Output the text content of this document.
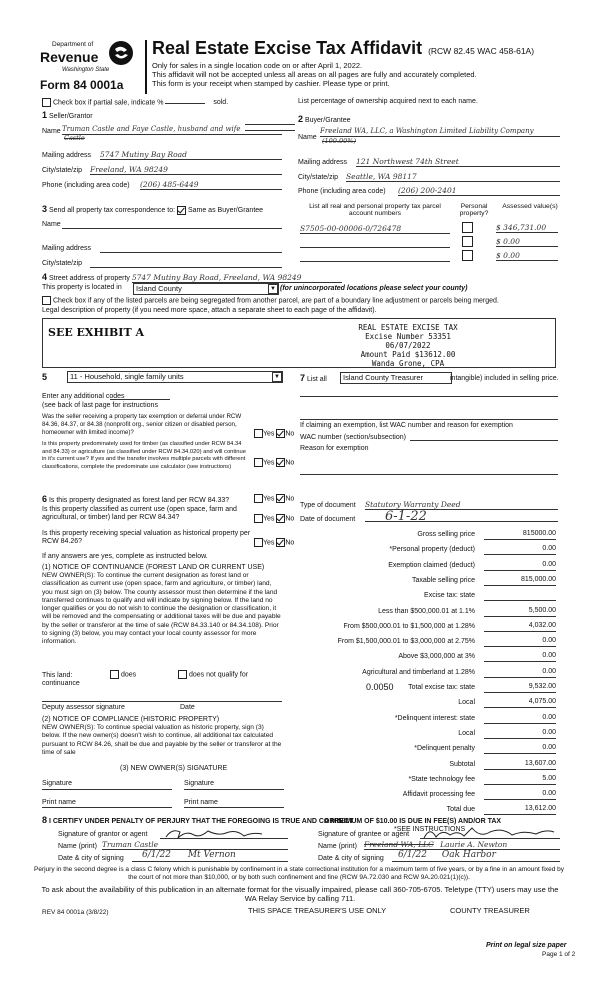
Department of
Revenue
Washington State
Form 84 0001a
Real Estate Excise Tax Affidavit (RCW 82.45 WAC 458-61A)
Only for sales in a single location code on or after April 1, 2022.
This affidavit will not be accepted unless all areas on all pages are fully and accurately completed.
This form is your receipt when stamped by cashier. Please type or print.
Check box if partial sale, indicate %	sold.	List percentage of ownership acquired next to each name.
1 Seller/Grantor
Name Truman Castle and Faye Castle, husband and wife
Castle
Mailing address 5747 Mutiny Bay Road
City/state/zip Freeland, WA 98249
Phone (including area code) (206) 485-6449
2 Buyer/Grantee
Name
Freeland WA, LLC, a Washington Limited Liability Company
(100.00%)
Mailing address 121 Northwest 74th Street
City/state/zip Seattle, WA 98117
Phone (including area code) (206) 200-2401
3 Send all property tax correspondence to: Same as Buyer/Grantee
Name
Mailing address
City/state/zip
List all real and personal property tax parcel account numbers
Personal property?
Assessed value(s)
S7505-00-00006-0/726478	$ 346,731.00
$ 0.00
$ 0.00
4 Street address of property 5747 Mutiny Bay Road, Freeland, WA 98249
This property is located in	Island County	▼ (for unincorporated locations please select your county)
Check box if any of the listed parcels are being segregated from another parcel, are part of a boundary line adjustment or parcels being merged.
Legal description of property (if you need more space, attach a separate sheet to each page of the affidavit).
SEE EXHIBIT A	REAL ESTATE EXCISE TAX
Excise Number 53351
06/07/2022
Amount Paid $13612.00
Wanda Grone, CPA
5	11 - Household, single family units	▼
Enter any additional codes
(see back of last page for instructions
Was the seller receiving a property tax exemption or deferral under RCW 84.36, 84.37, or 84.38 (nonprofit org., senior citizen or disabled person, homeowner with limited income)?	Yes No
Is this property predominately used for timber (as classified under RCW 84.34 and 84.33) or agriculture (as classified under RCW 84.34.020) and will continue in it's current use? If yes and the transfer involves multiple parcels with different classifications, complete the predominate use calculator (see instructions)
Yes No
7 List all	Island County Treasurer	intangible) included in selling price.
If claiming an exemption, list WAC number and reason for exemption
WAC number (section/subsection)
Reason for exemption
6 Is this property designated as forest land per RCW 84.33?	Yes No
Is this property classified as current use (open space, farm and agricultural, or timber) land per RCW 84.34?	Yes No
Is this property receiving special valuation as historical property per RCW 84.26?	Yes No
If any answers are yes, complete as instructed below.
(1) NOTICE OF CONTINUANCE (FOREST LAND OR CURRENT USE)
NEW OWNER(S): To continue the current designation as forest land or classification as current use (open space, farm and agriculture, or timber) land, you must sign on (3) below. The county assessor must then determine if the land transferred continues to qualify and will indicate by signing below. If the land no longer qualifies or you do not wish to continue the designation or classification, it will be removed and the compensating or additional taxes will be due and payable by the seller or transferor at the time of sale (RCW 84.33.140 or 84.34.108). Prior to signing (3) below, you may contact your local county assessor for more information.
This land:	does	does not qualify for
continuance
Deputy assessor signature	Date
(2) NOTICE OF COMPLIANCE (HISTORIC PROPERTY)
NEW OWNER(S): To continue special valuation as historic property, sign (3) below. If the new owner(s) doesn't wish to continue, all additional tax calculated pursuant to RCW 84.26, shall be due and payable by the seller or transferor at the time of sale
(3) NEW OWNER(S) SIGNATURE
Signature	Signature
Print name	Print name
Type of document Statutory Warranty Deed
Date of document	6-1-22
Gross selling price	815000.00
*Personal property (deduct)	0.00
Exemption claimed (deduct)	0.00
Taxable selling price	815,000.00
Excise tax: state
Less than $500,000.01 at 1.1%	5,500.00
From $500,000.01 to $1,500,000 at 1.28%	4,032.00
From $1,500,000.01 to $3,000,000 at 2.75%	0.00
Above $3,000,000 at 3%	0.00
Agricultural and timberland at 1.28%	0.00
Total excise tax: state	9,532.00
Local	4,075.00
*Delinquent interest: state	0.00
Local	0.00
*Delinquent penalty	0.00
Subtotal	13,607.00
*State technology fee	5.00
Affidavit processing fee	0.00
Total due	13,612.00
0.0050
A MINIMUM OF $10.00 IS DUE IN FEE(S) AND/OR TAX
*SEE INSTRUCTIONS
8 I CERTIFY UNDER PENALTY OF PERJURY THAT THE FOREGOING IS TRUE AND CORRECT
Signature of grantor or agent
Name (print) Truman Castle
Date & city of signing	6/1/22 Mt Vernon
Signature of grantee or agent
Name (print) Freeland WA, LLC Laurie A. Newton
Date & city of signing	6/1/22 Oak Harbor
Perjury in the second degree is a class C felony which is punishable by confinement in a state correctional institution for a maximum term of five years, or by a fine in an amount fixed by the court of not more than $10,000, or by both such confinement and fine (RCW 9A.72.030 and RCW 9A.20.021(1)(c)).
To ask about the availability of this publication in an alternate format for the visually impaired, please call 360-705-6705. Teletype (TTY) users may use the WA Relay Service by calling 711.
REV 84 0001a (3/8/22)	THIS SPACE TREASURER'S USE ONLY	COUNTY TREASURER
Print on legal size paper
Page 1 of 2
